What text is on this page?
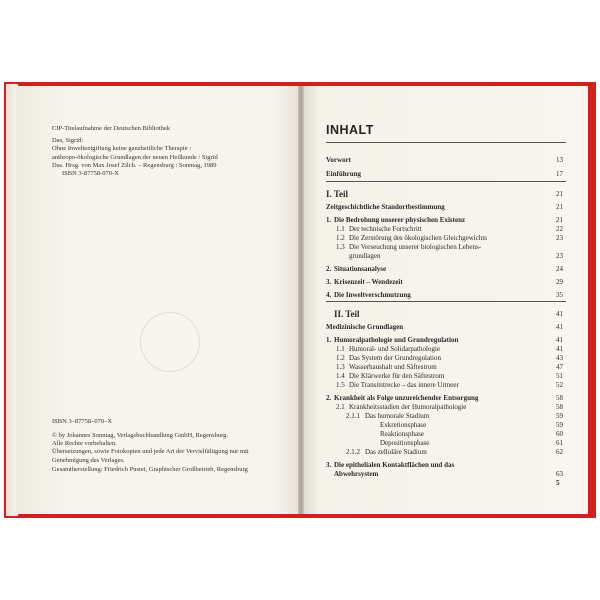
CIP-Titelaufnahme der Deutschen Bibliothek

Das, Sigrid:

Ohne Inweltentgiftung keine ganzheitliche Therapie :

anthropo-ökologische Grundlagen der neuen Heilkunde / Sigrid

Das. Hrsg. von Max Josef Zilch. – Regensburg : Sonntag, 1989

ISBN 3-87758-070-X

ISBN 3–87758–070–X

© by Johannes Sonntag, Verlagsbuchhandlung GmbH, Regensburg.

Alle Rechte vorbehalten.

Übersetzungen, sowie Fotokopien und jede Art der Vervielfältigung nur mit

Genehmigung des Verlages.

Gesamtherstellung: Friedrich Pustet, Graphischer Großbetrieb, Regensburg
INHALT
Vorwort	13
Einführung	17
I. Teil	21
Zeitgeschichtliche Standortbestimmung	21
1. Die Bedrohung unserer physischen Existenz	21
1.1 Der technische Fortschritt	22
1.2 Die Zerstörung des ökologischen Gleichgewichts	23
1.3 Die Verseuchung unserer biologischen Lebens-
grundlagen	23
2. Situationsanalyse	24
3. Krisenzeit – Wendezeit	29
4. Die Inweltverschmutzung	35
II. Teil	41
Medizinische Grundlagen	41
1. Humoralpathologie und Grundregulation	41
1.1 Humoral- und Solidarpathologie	41
1.2 Das System der Grundregulation	43
1.3 Wasserhaushalt und Säftestrom	47
1.4 Die Klärwerke für den Säftestrom	51
1.5 Die Transitstrecke – das innere Urmeer	52
2. Krankheit als Folge unzureichender Entsorgung	58
2.1 Krankheitsstadien der Humoralpathologie	58
2.1.1 Das humorale Stadium	59
Exkretionsphase	59
Reaktionsphase	60
Depositionsphase	61
2.1.2 Das zelluläre Stadium	62
3. Die epithelialen Kontaktflächen und das
Abwehrsystem	63
5
